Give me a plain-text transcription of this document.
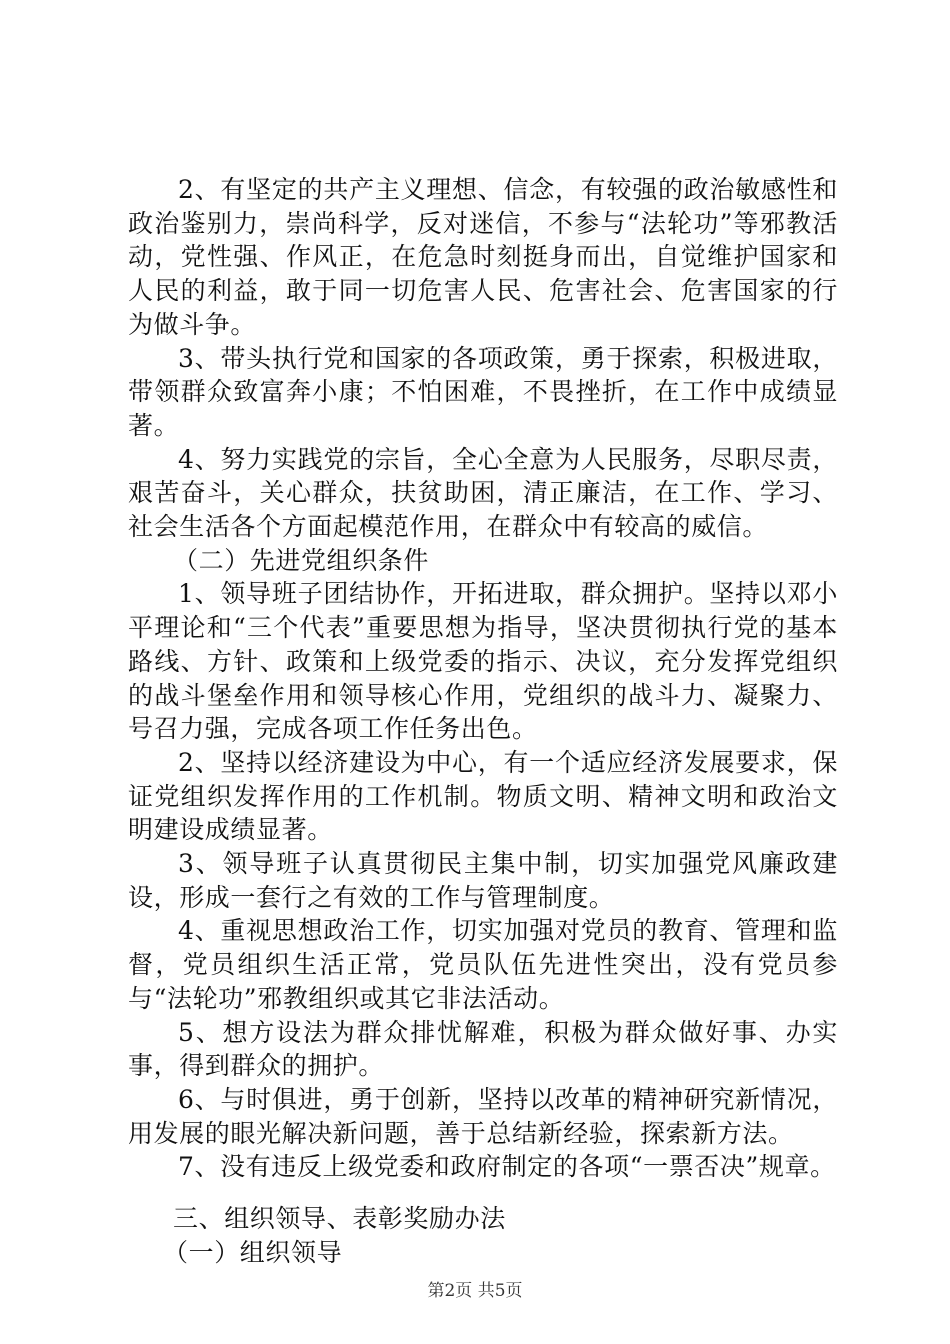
2、有坚定的共产主义理想、信念，有较强的政治敏感性和政治鉴别力，崇尚科学，反对迷信，不参与“法轮功”等邪教活动，党性强、作风正，在危急时刻挺身而出，自觉维护国家和人民的利益，敢于同一切危害人民、危害社会、危害国家的行为做斗争。

3、带头执行党和国家的各项政策，勇于探索，积极进取，带领群众致富奔小康；不怕困难，不畏挫折，在工作中成绩显著。

4、努力实践党的宗旨，全心全意为人民服务，尽职尽责，艰苦奋斗，关心群众，扶贫助困，清正廉洁，在工作、学习、社会生活各个方面起模范作用，在群众中有较高的威信。

（二）先进党组织条件

1、领导班子团结协作，开拓进取，群众拥护。坚持以邓小平理论和“三个代表”重要思想为指导，坚决贯彻执行党的基本路线、方针、政策和上级党委的指示、决议，充分发挥党组织的战斗堡垒作用和领导核心作用，党组织的战斗力、凝聚力、号召力强，完成各项工作任务出色。

2、坚持以经济建设为中心，有一个适应经济发展要求，保证党组织发挥作用的工作机制。物质文明、精神文明和政治文明建设成绩显著。

3、领导班子认真贯彻民主集中制，切实加强党风廉政建设，形成一套行之有效的工作与管理制度。

4、重视思想政治工作，切实加强对党员的教育、管理和监督，党员组织生活正常，党员队伍先进性突出，没有党员参与“法轮功”邪教组织或其它非法活动。

5、想方设法为群众排忧解难，积极为群众做好事、办实事，得到群众的拥护。

6、与时俱进，勇于创新，坚持以改革的精神研究新情况，用发展的眼光解决新问题，善于总结新经验，探索新方法。

7、没有违反上级党委和政府制定的各项“一票否决”规章。

三、组织领导、表彰奖励办法

（一）组织领导

第2页 共5页
